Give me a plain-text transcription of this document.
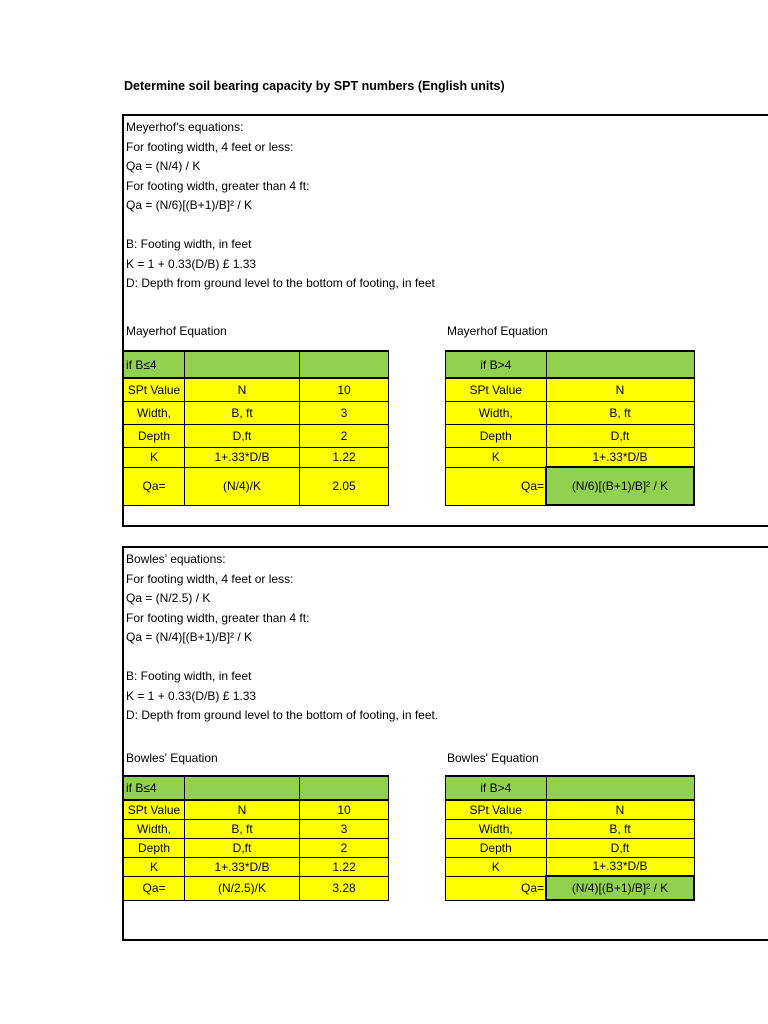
Determine soil bearing capacity by SPT numbers (English units)
Meyerhof’s equations:
For footing width, 4 feet or less:
Qa = (N/4) / K
For footing width, greater than 4 ft:
Qa = (N/6)[(B+1)/B]² / K
B: Footing width, in feet
K = 1 + 0.33(D/B) £ 1.33
D: Depth from ground level to the bottom of footing, in feet
Mayerhof Equation	Mayerhof Equation
if B≤4		
SPt Value	N	10
Width,	B, ft	3
Depth	D,ft	2
K	1+.33*D/B	1.22
Qa=	(N/4)/K	2.05
if B>4	
SPt Value	N
Width,	B, ft
Depth	D,ft
K	1+.33*D/B
Qa=	(N/6)[(B+1)/B]² / K
Bowles’ equations:
For footing width, 4 feet or less:
Qa = (N/2.5) / K
For footing width, greater than 4 ft:
Qa = (N/4)[(B+1)/B]² / K
B: Footing width, in feet
K = 1 + 0.33(D/B) £ 1.33
D: Depth from ground level to the bottom of footing, in feet.
Bowles' Equation	Bowles' Equation
if B≤4		
SPt Value	N	10
Width,	B, ft	3
Depth	D,ft	2
K	1+.33*D/B	1.22
Qa=	(N/2.5)/K	3.28
if B>4	
SPt Value	N
Width,	B, ft
Depth	D,ft
K	1+.33*D/B
Qa=	(N/4)[(B+1)/B]² / K
